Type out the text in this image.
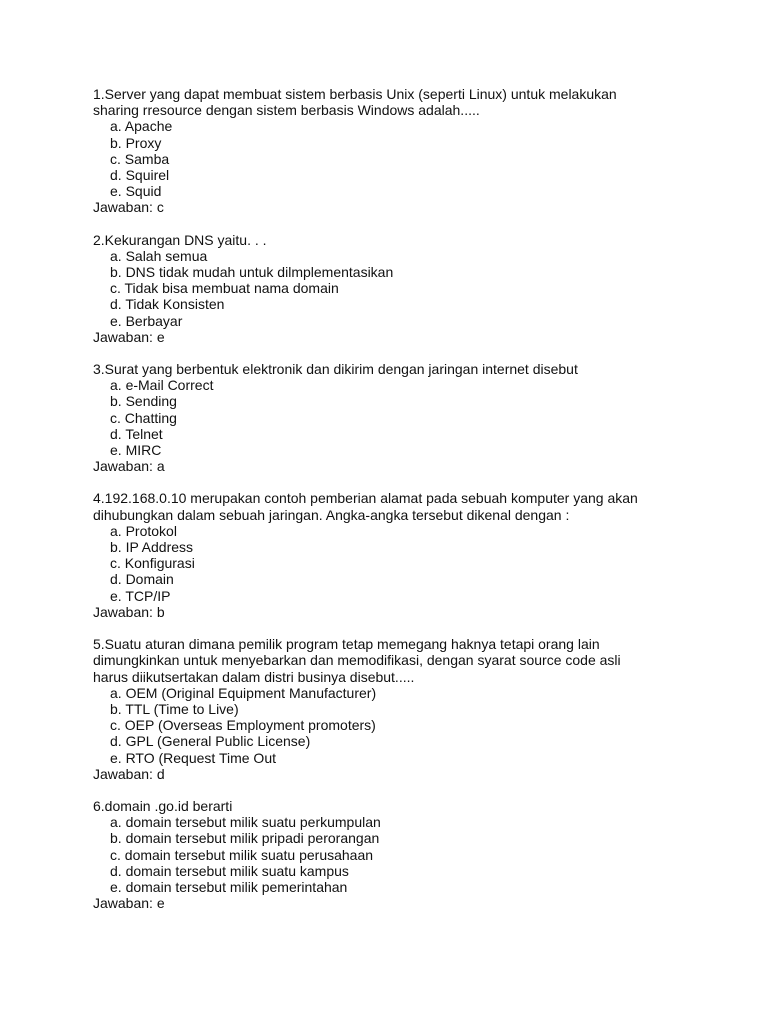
1.Server yang dapat membuat sistem berbasis Unix (seperti Linux) untuk melakukan

sharing rresource dengan sistem berbasis Windows adalah.....

a. Apache

b. Proxy

c. Samba

d. Squirel

e. Squid

Jawaban: c

2.Kekurangan DNS yaitu. . .

a. Salah semua

b. DNS tidak mudah untuk dilmplementasikan

c. Tidak bisa membuat nama domain

d. Tidak Konsisten

e. Berbayar

Jawaban: e

3.Surat yang berbentuk elektronik dan dikirim dengan jaringan internet disebut

a. e-Mail Correct

b. Sending

c. Chatting

d. Telnet

e. MIRC

Jawaban: a

4.192.168.0.10 merupakan contoh pemberian alamat pada sebuah komputer yang akan

dihubungkan dalam sebuah jaringan. Angka-angka tersebut dikenal dengan :

a. Protokol

b. IP Address

c. Konfigurasi

d. Domain

e. TCP/IP

Jawaban: b

5.Suatu aturan dimana pemilik program tetap memegang haknya tetapi orang lain

dimungkinkan untuk menyebarkan dan memodifikasi, dengan syarat source code asli

harus diikutsertakan dalam distri businya disebut.....

a. OEM (Original Equipment Manufacturer)

b. TTL (Time to Live)

c. OEP (Overseas Employment promoters)

d. GPL (General Public License)

e. RTO (Request Time Out

Jawaban: d

6.domain .go.id berarti

a. domain tersebut milik suatu perkumpulan

b. domain tersebut milik pripadi perorangan

c. domain tersebut milik suatu perusahaan

d. domain tersebut milik suatu kampus

e. domain tersebut milik pemerintahan

Jawaban: e
